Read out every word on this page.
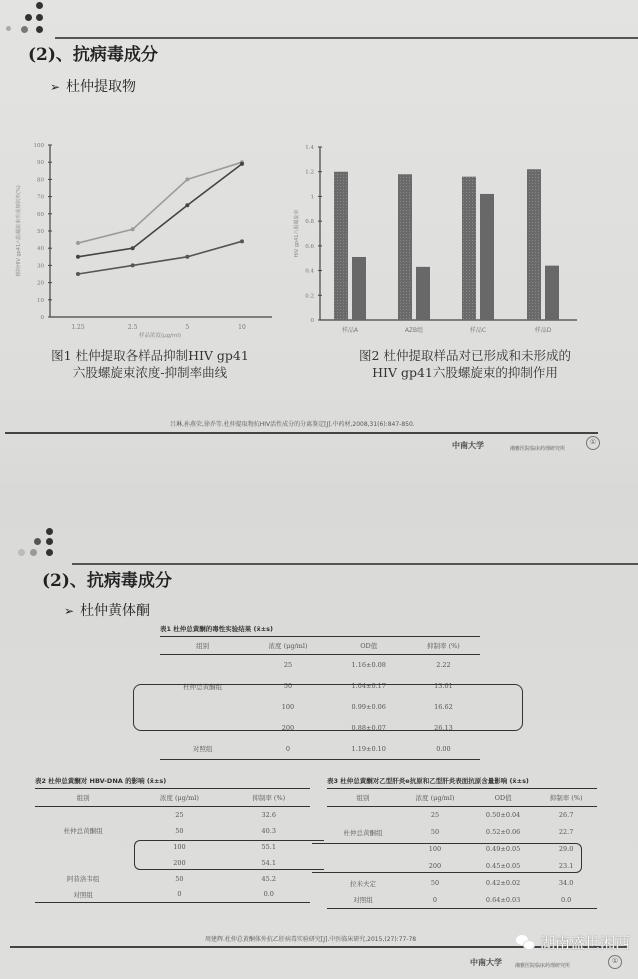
(2)、抗病毒成分
➢ 杜仲提取物
0
10
20
30
40
50
60
70
80
90
100
1.25	2.5	5	10
样品浓度(μg/ml)
抑制HIV gp41六股螺旋束形成抑制率(%)
0
0.2
0.4
0.6
0.8
1
1.2
1.4
HIV gp41六股螺旋束
样品A	AZB组	样品C	样品D
图1 杜仲提取各样品抑制HIV gp41
六股螺旋束浓度-抑制率曲线
图2 杜仲提取样品对已形成和未形成的
HIV gp41六股螺旋束的抑制作用
吕琳,孙燕荣,徐乔等.杜仲提取物抗HIV活性成分的分离鉴定[J].中药材,2008,31(6):847-850.
中南大学	湘雅医院临床药理研究所
①
(2)、抗病毒成分
➢ 杜仲黄体酮
表1 杜仲总黄酮的毒性实验结果 (x̄±s)
组别	浓度 (μg/ml)	OD值	抑制率 (%)
	25	1.16±0.08	2.22
杜仲总黄酮组	50	1.04±0.17	13.01
	100	0.99±0.06	16.62
	200	0.88±0.07	26.13
对照组	0	1.19±0.10	0.00
表2 杜仲总黄酮对 HBV-DNA 的影响 (x̄±s)
组别	浓度 (μg/ml)	抑制率 (%)
	25	32.6
杜仲总黄酮组	50	40.3
	100	55.1
	200	54.1
阿昔洛韦组	50	45.2
对照组	0	0.0
表3 杜仲总黄酮对乙型肝炎e抗原和乙型肝炎表面抗原含量影响 (x̄±s)
组别	浓度 (μg/ml)	OD值	抑制率 (%)
	25	0.50±0.04	26.7
杜仲总黄酮组	50	0.52±0.06	22.7
	100	0.49±0.05	29.0
	200	0.45±0.05	23.1
拉米夫定	50	0.42±0.02	34.0
对照组	0	0.64±0.03	0.0
周建辉.杜仲总黄酮体外抗乙肝病毒实验研究[J].中医临床研究,2015,(27):77-78
中南大学	湘雅医院临床药理研究所
①
湖南盛世湘西
